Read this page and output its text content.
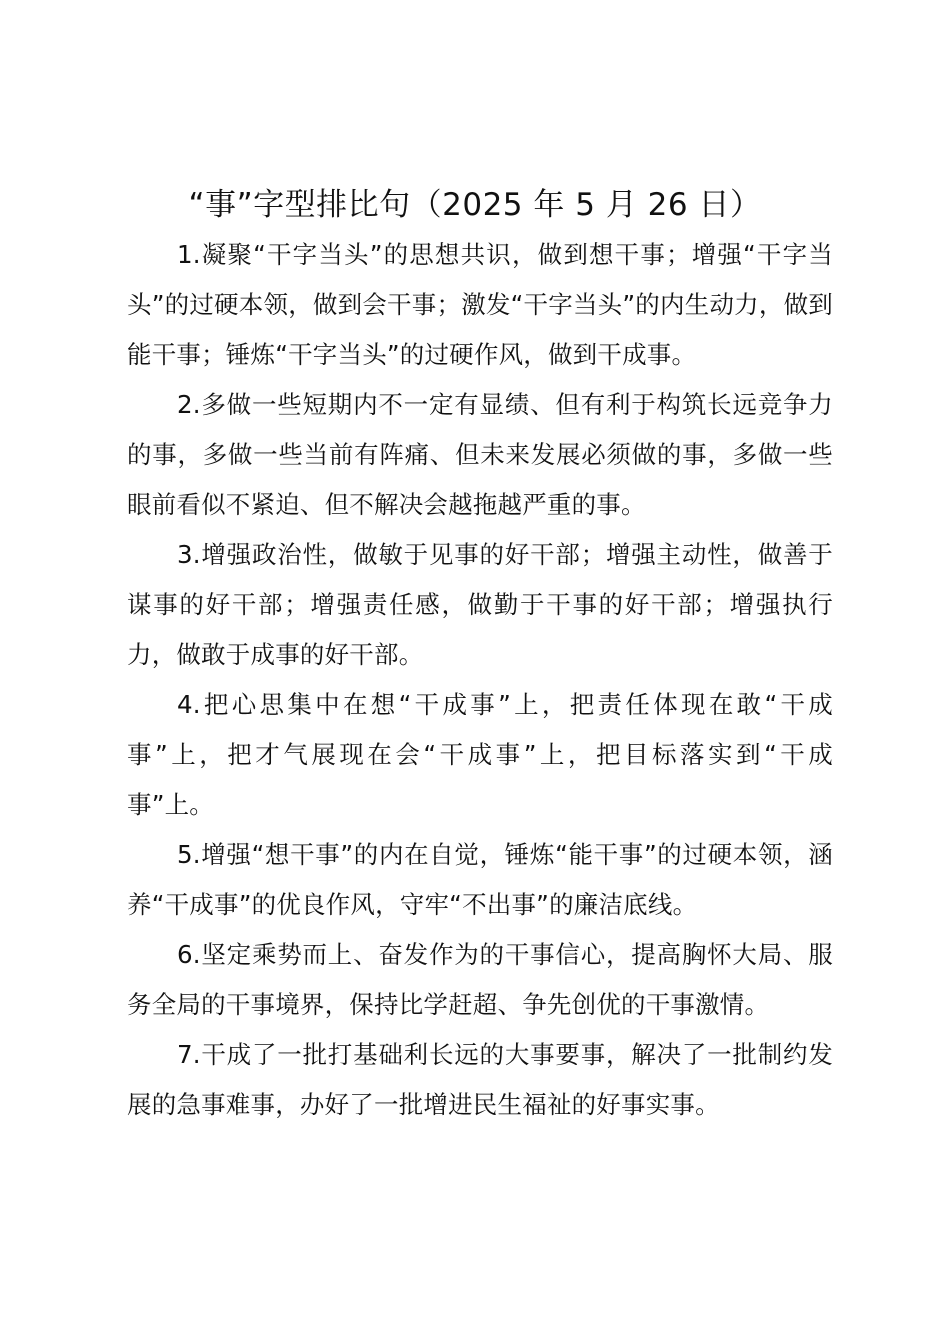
“事”字型排比句（2025 年 5 月 26 日）

1.凝聚“干字当头”的思想共识，做到想干事；增强“干字当头”的过硬本领，做到会干事；激发“干字当头”的内生动力，做到能干事；锤炼“干字当头”的过硬作风，做到干成事。

2.多做一些短期内不一定有显绩、但有利于构筑长远竞争力的事，多做一些当前有阵痛、但未来发展必须做的事，多做一些眼前看似不紧迫、但不解决会越拖越严重的事。

3.增强政治性，做敏于见事的好干部；增强主动性，做善于谋事的好干部；增强责任感，做勤于干事的好干部；增强执行力，做敢于成事的好干部。

4.把心思集中在想“干成事”上，把责任体现在敢“干成事”上，把才气展现在会“干成事”上，把目标落实到“干成事”上。

5.增强“想干事”的内在自觉，锤炼“能干事”的过硬本领，涵养“干成事”的优良作风，守牢“不出事”的廉洁底线。

6.坚定乘势而上、奋发作为的干事信心，提高胸怀大局、服务全局的干事境界，保持比学赶超、争先创优的干事激情。

7.干成了一批打基础利长远的大事要事，解决了一批制约发展的急事难事，办好了一批增进民生福祉的好事实事。
